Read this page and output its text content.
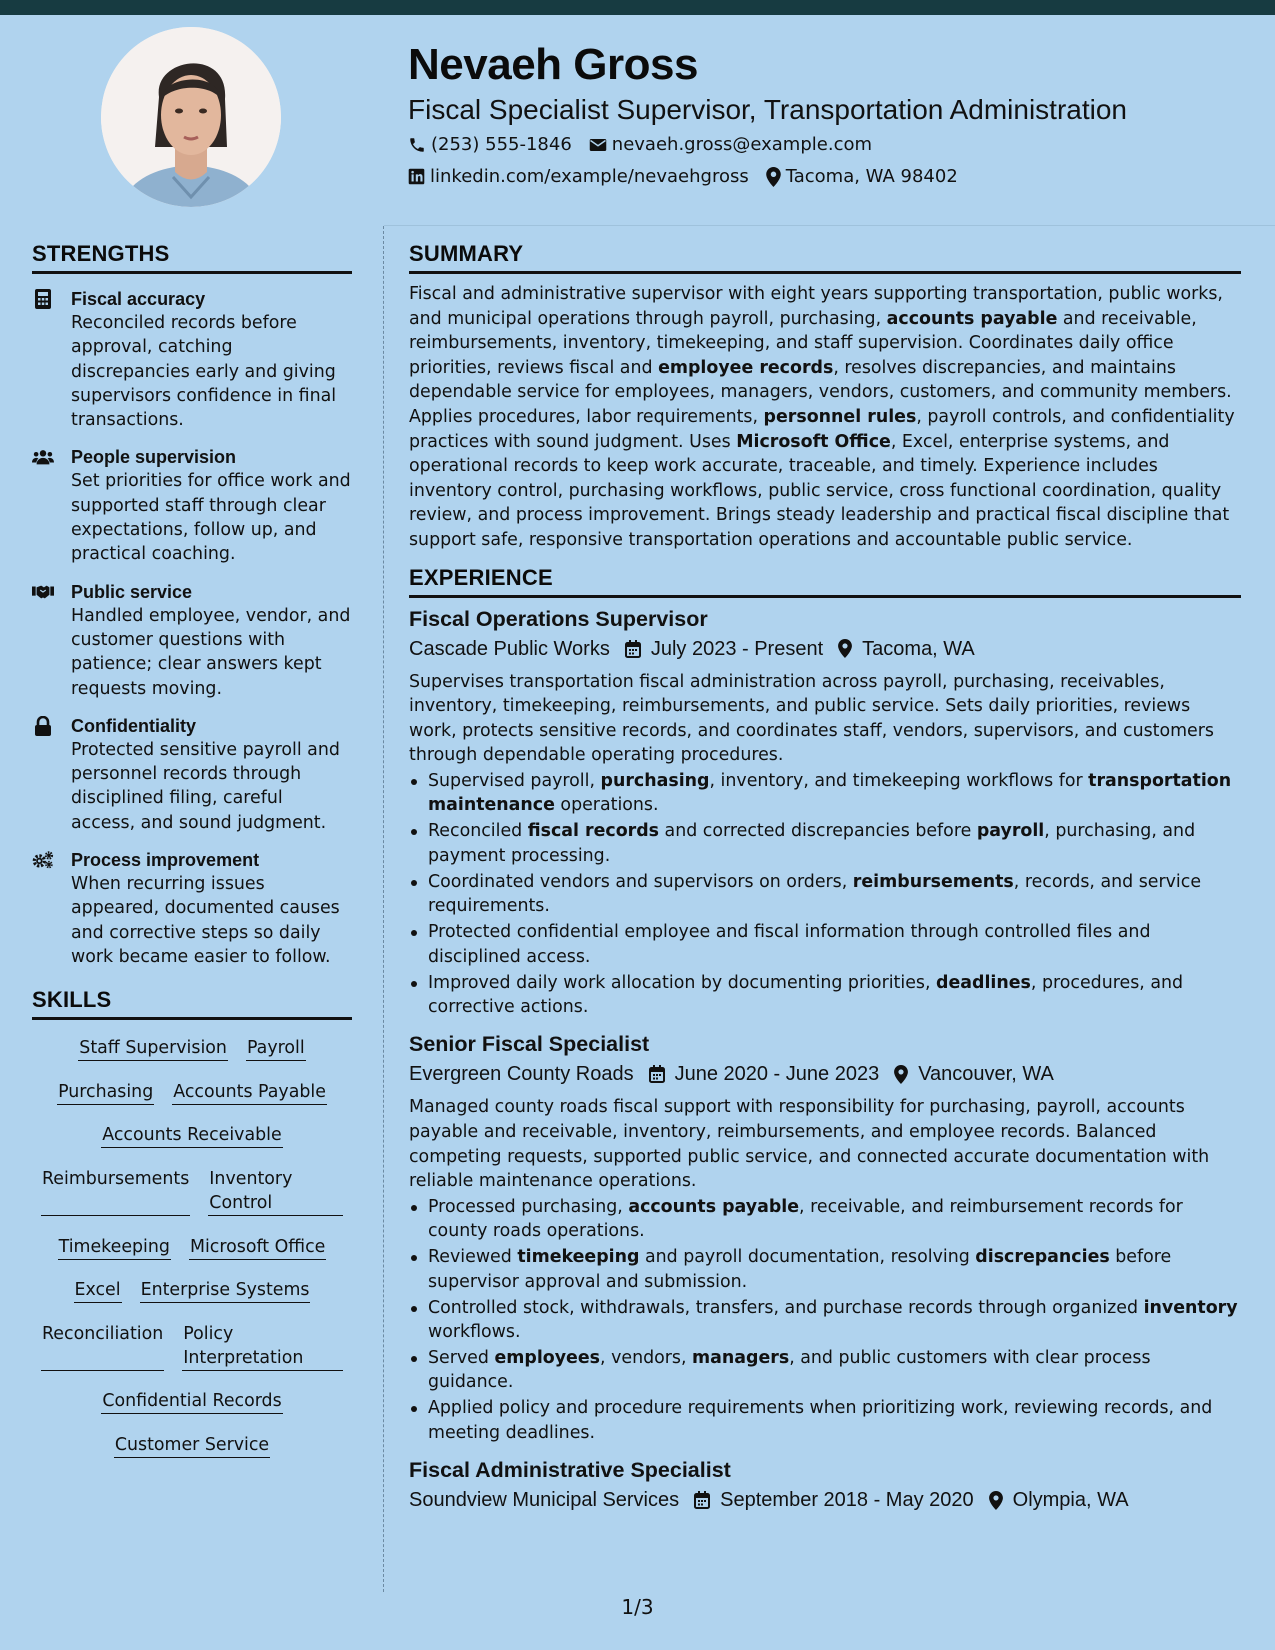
Nevaeh Gross
Fiscal Specialist Supervisor, Transportation Administration
(253) 555-1846 nevaeh.gross@example.com
linkedin.com/example/nevaehgross Tacoma, WA 98402
STRENGTHS
Fiscal accuracy
Reconciled records before approval, catching discrepancies early and giving supervisors confidence in final transactions.
People supervision
Set priorities for office work and supported staff through clear expectations, follow up, and practical coaching.
Public service
Handled employee, vendor, and customer questions with patience; clear answers kept requests moving.
Confidentiality
Protected sensitive payroll and personnel records through disciplined filing, careful access, and sound judgment.
Process improvement
When recurring issues appeared, documented causes and corrective steps so daily work became easier to follow.
SKILLS
Staff Supervision Payroll
Purchasing Accounts Payable
Accounts Receivable
Reimbursements Inventory Control
Timekeeping Microsoft Office
Excel Enterprise Systems
Reconciliation Policy Interpretation
Confidential Records
Customer Service
SUMMARY
Fiscal and administrative supervisor with eight years supporting transportation, public works, and municipal operations through payroll, purchasing, accounts payable and receivable, reimbursements, inventory, timekeeping, and staff supervision. Coordinates daily office priorities, reviews fiscal and employee records, resolves discrepancies, and maintains dependable service for employees, managers, vendors, customers, and community members. Applies procedures, labor requirements, personnel rules, payroll controls, and confidentiality practices with sound judgment. Uses Microsoft Office, Excel, enterprise systems, and operational records to keep work accurate, traceable, and timely. Experience includes inventory control, purchasing workflows, public service, cross functional coordination, quality review, and process improvement. Brings steady leadership and practical fiscal discipline that support safe, responsive transportation operations and accountable public service.
EXPERIENCE
Fiscal Operations Supervisor
Cascade Public Works July 2023 - Present Tacoma, WA
Supervises transportation fiscal administration across payroll, purchasing, receivables, inventory, timekeeping, reimbursements, and public service. Sets daily priorities, reviews work, protects sensitive records, and coordinates staff, vendors, supervisors, and customers through dependable operating procedures.
Supervised payroll, purchasing, inventory, and timekeeping workflows for transportation maintenance operations.
Reconciled fiscal records and corrected discrepancies before payroll, purchasing, and payment processing.
Coordinated vendors and supervisors on orders, reimbursements, records, and service requirements.
Protected confidential employee and fiscal information through controlled files and disciplined access.
Improved daily work allocation by documenting priorities, deadlines, procedures, and corrective actions.
Senior Fiscal Specialist
Evergreen County Roads June 2020 - June 2023 Vancouver, WA
Managed county roads fiscal support with responsibility for purchasing, payroll, accounts payable and receivable, inventory, reimbursements, and employee records. Balanced competing requests, supported public service, and connected accurate documentation with reliable maintenance operations.
Processed purchasing, accounts payable, receivable, and reimbursement records for county roads operations.
Reviewed timekeeping and payroll documentation, resolving discrepancies before supervisor approval and submission.
Controlled stock, withdrawals, transfers, and purchase records through organized inventory workflows.
Served employees, vendors, managers, and public customers with clear process guidance.
Applied policy and procedure requirements when prioritizing work, reviewing records, and meeting deadlines.
Fiscal Administrative Specialist
Soundview Municipal Services September 2018 - May 2020 Olympia, WA
1/3
